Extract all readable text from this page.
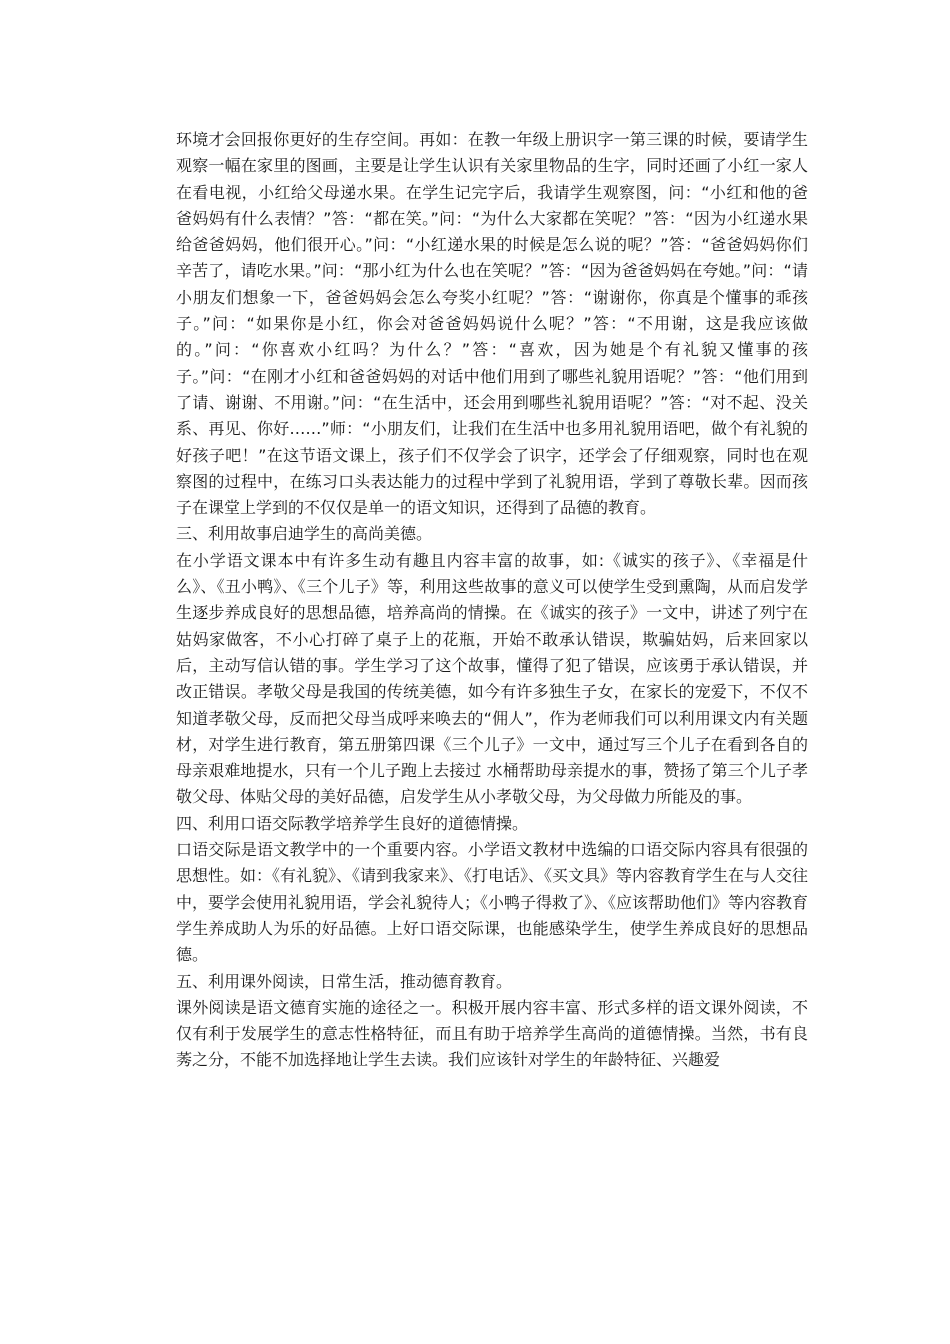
环境才会回报你更好的生存空间。再如：在教一年级上册识字一第三课的时候，要请学生观察一幅在家里的图画，主要是让学生认识有关家里物品的生字，同时还画了小红一家人在看电视，小红给父母递水果。在学生记完字后，我请学生观察图，问：“小红和他的爸爸妈妈有什么表情？”答：“都在笑。”问：“为什么大家都在笑呢？”答：“因为小红递水果给爸爸妈妈，他们很开心。”问：“小红递水果的时候是怎么说的呢？”答：“爸爸妈妈你们辛苦了，请吃水果。”问：“那小红为什么也在笑呢？”答：“因为爸爸妈妈在夸她。”问：“请小朋友们想象一下，爸爸妈妈会怎么夸奖小红呢？”答：“谢谢你，你真是个懂事的乖孩子。”问：“如果你是小红，你会对爸爸妈妈说什么呢？”答：“不用谢，这是我应该做的。”问：“你喜欢小红吗？为什么？”答：“喜欢，因为她是个有礼貌又懂事的孩子。”问：“在刚才小红和爸爸妈妈的对话中他们用到了哪些礼貌用语呢？”答：“他们用到了请、谢谢、不用谢。”问：“在生活中，还会用到哪些礼貌用语呢？”答：“对不起、没关系、再见、你好……”师：“小朋友们，让我们在生活中也多用礼貌用语吧，做个有礼貌的好孩子吧！”在这节语文课上，孩子们不仅学会了识字，还学会了仔细观察，同时也在观察图的过程中，在练习口头表达能力的过程中学到了礼貌用语，学到了尊敬长辈。因而孩子在课堂上学到的不仅仅是单一的语文知识，还得到了品德的教育。

三、利用故事启迪学生的高尚美德。

在小学语文课本中有许多生动有趣且内容丰富的故事，如:《诚实的孩子》、《幸福是什么》、《丑小鸭》、《三个儿子》等，利用这些故事的意义可以使学生受到熏陶，从而启发学生逐步养成良好的思想品德，培养高尚的情操。在《诚实的孩子》一文中，讲述了列宁在姑妈家做客，不小心打碎了桌子上的花瓶，开始不敢承认错误，欺骗姑妈，后来回家以后，主动写信认错的事。学生学习了这个故事，懂得了犯了错误，应该勇于承认错误，并改正错误。孝敬父母是我国的传统美德，如今有许多独生子女，在家长的宠爱下，不仅不知道孝敬父母，反而把父母当成呼来唤去的“佣人”，作为老师我们可以利用课文内有关题材，对学生进行教育，第五册第四课《三个儿子》一文中，通过写三个儿子在看到各自的母亲艰难地提水，只有一个儿子跑上去接过 水桶帮助母亲提水的事，赞扬了第三个儿子孝敬父母、体贴父母的美好品德，启发学生从小孝敬父母，为父母做力所能及的事。

四、利用口语交际教学培养学生良好的道德情操。

口语交际是语文教学中的一个重要内容。小学语文教材中选编的口语交际内容具有很强的思想性。如：《有礼貌》、《请到我家来》、《打电话》、《买文具》等内容教育学生在与人交往中，要学会使用礼貌用语，学会礼貌待人；《小鸭子得救了》、《应该帮助他们》等内容教育学生养成助人为乐的好品德。上好口语交际课，也能感染学生，使学生养成良好的思想品德。

五、利用课外阅读，日常生活，推动德育教育。

课外阅读是语文德育实施的途径之一。积极开展内容丰富、形式多样的语文课外阅读，不仅有利于发展学生的意志性格特征，而且有助于培养学生高尚的道德情操。当然，书有良莠之分，不能不加选择地让学生去读。我们应该针对学生的年龄特征、兴趣爱
